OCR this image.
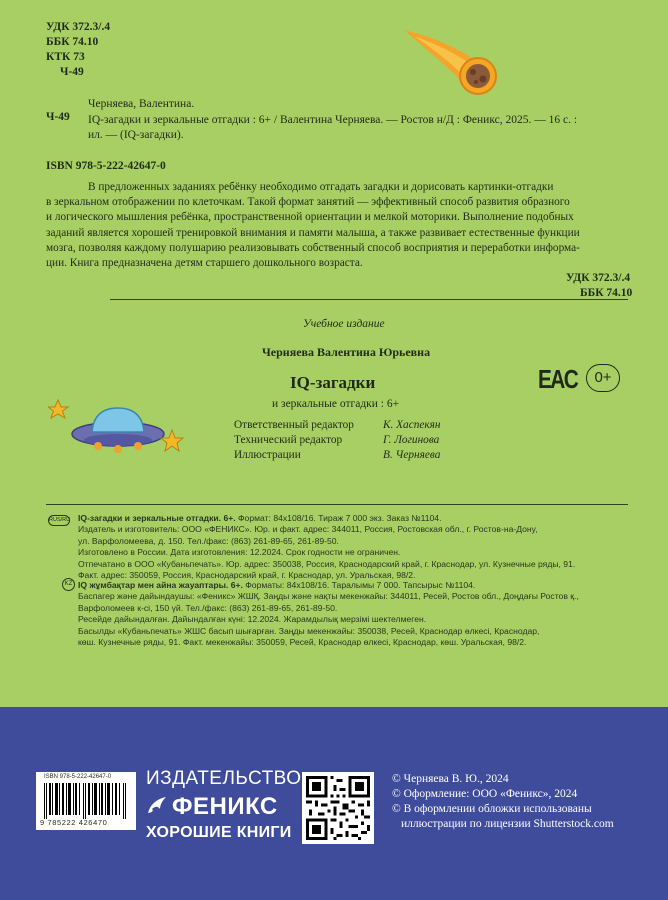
УДК 372.3/.4
ББК 74.10
КТК 73
Ч-49
Ч-49
Черняева, Валентина.
IQ-загадки и зеркальные отгадки : 6+ / Валентина Черняева. — Ростов н/Д : Феникс, 2025. — 16 с. :
ил. — (IQ-загадки).
ISBN 978-5-222-42647-0
В предложенных заданиях ребёнку необходимо отгадать загадки и дорисовать картинки-отгадки
в зеркальном отображении по клеточкам. Такой формат занятий — эффективный способ развития образного
и логического мышления ребёнка, пространственной ориентации и мелкой моторики. Выполнение подобных
заданий является хорошей тренировкой внимания и памяти малыша, а также развивает естественные функции
мозга, позволяя каждому полушарию реализовывать собственный способ восприятия и переработки информа-
ции. Книга предназначена детям старшего дошкольного возраста.
УДК 372.3/.4
ББК 74.10
Учебное издание
Черняева Валентина Юрьевна
IQ-загадки
и зеркальные отгадки : 6+
EAC	0+
Ответственный редактор
Технический редактор
Иллюстрации
К. Хаспекян
Г. Логинова
В. Черняева
RUS/RU IQ-загадки и зеркальные отгадки. 6+. Формат: 84х108/16. Тираж 7 000 экз. Заказ №1104.
Издатель и изготовитель: ООО «ФЕНИКС». Юр. и факт. адрес: 344011, Россия, Ростовская обл., г. Ростов-на-Дону,
ул. Варфоломеева, д. 150. Тел./факс: (863) 261-89-65, 261-89-50.
Изготовлено в России. Дата изготовления: 12.2024. Срок годности не ограничен.
Отпечатано в ООО «Кубаньпечать». Юр. адрес: 350038, Россия, Краснодарский край, г. Краснодар, ул. Кузнечные ряды, 91.
Факт. адрес: 350059, Россия, Краснодарский край, г. Краснодар, ул. Уральская, 98/2.
KZ IQ жұмбақтар мен айна жауаптары. 6+. Форматы: 84х108/16. Таралымы 7 000. Тапсырыс №1104.
Баспагер және дайындаушы: «Феникс» ЖШҚ. Заңды және нақты мекенжайы: 344011, Ресей, Ростов обл., Доңдағы Ростов қ.,
Варфоломеев к-сі, 150 үй. Тел./факс: (863) 261-89-65, 261-89-50.
Ресейде дайындалған. Дайындалған күні: 12.2024. Жарамдылық мерзімі шектелмеген.
Басылды «Кубаньпечать» ЖШС басып шығарған. Заңды мекенжайы: 350038, Ресей, Краснодар өлкесі, Краснодар,
көш. Кузнечные ряды, 91. Факт. мекенжайы: 350059, Ресей, Краснодар өлкесі, Краснодар, көш. Уральская, 98/2.
ISBN 978-5-222-42647-0
9 785222 426470
ИЗДАТЕЛЬСТВО
ФЕНИКС
ХОРОШИЕ КНИГИ
© Черняева В. Ю., 2024
© Оформление: ООО «Феникс», 2024
© В оформлении обложки использованы
иллюстрации по лицензии Shutterstock.com
